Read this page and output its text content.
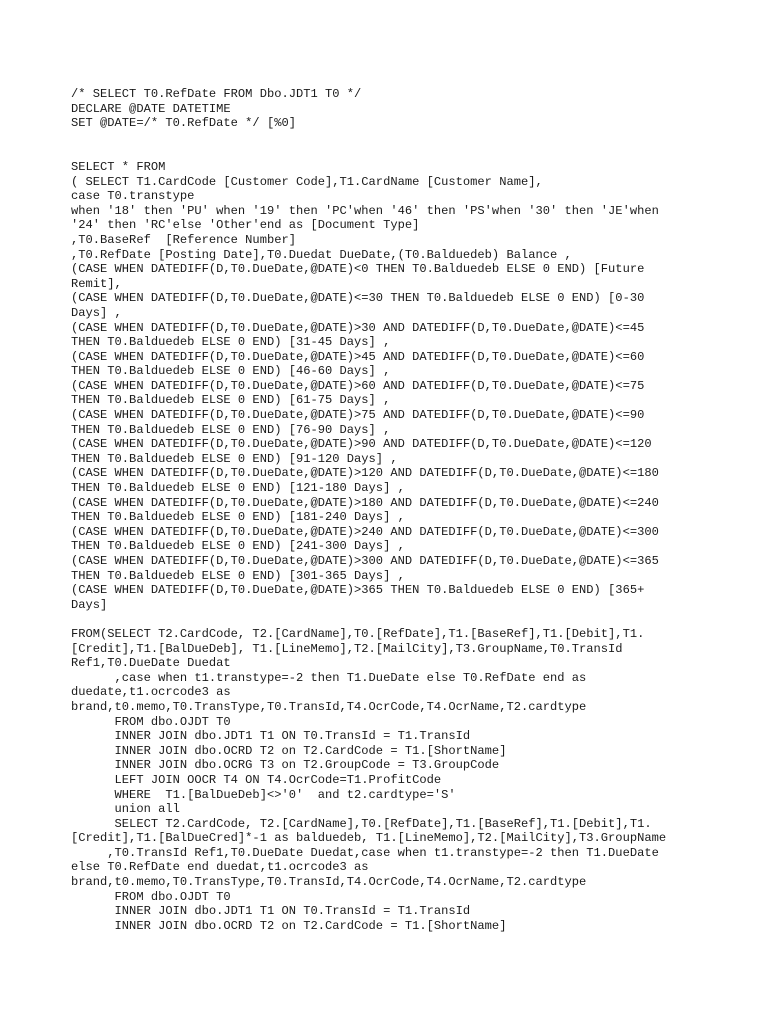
/* SELECT T0.RefDate FROM Dbo.JDT1 T0 */
DECLARE @DATE DATETIME
SET @DATE=/* T0.RefDate */ [%0]
SELECT * FROM
( SELECT T1.CardCode [Customer Code],T1.CardName [Customer Name],
case T0.transtype
when '18' then 'PU' when '19' then 'PC'when '46' then 'PS'when '30' then 'JE'when
'24' then 'RC'else 'Other'end as [Document Type]
,T0.BaseRef  [Reference Number]
,T0.RefDate [Posting Date],T0.Duedat DueDate,(T0.Balduedeb) Balance ,
(CASE WHEN DATEDIFF(D,T0.DueDate,@DATE)<0 THEN T0.Balduedeb ELSE 0 END) [Future
Remit],
(CASE WHEN DATEDIFF(D,T0.DueDate,@DATE)<=30 THEN T0.Balduedeb ELSE 0 END) [0-30
Days] ,
(CASE WHEN DATEDIFF(D,T0.DueDate,@DATE)>30 AND DATEDIFF(D,T0.DueDate,@DATE)<=45
THEN T0.Balduedeb ELSE 0 END) [31-45 Days] ,
(CASE WHEN DATEDIFF(D,T0.DueDate,@DATE)>45 AND DATEDIFF(D,T0.DueDate,@DATE)<=60
THEN T0.Balduedeb ELSE 0 END) [46-60 Days] ,
(CASE WHEN DATEDIFF(D,T0.DueDate,@DATE)>60 AND DATEDIFF(D,T0.DueDate,@DATE)<=75
THEN T0.Balduedeb ELSE 0 END) [61-75 Days] ,
(CASE WHEN DATEDIFF(D,T0.DueDate,@DATE)>75 AND DATEDIFF(D,T0.DueDate,@DATE)<=90
THEN T0.Balduedeb ELSE 0 END) [76-90 Days] ,
(CASE WHEN DATEDIFF(D,T0.DueDate,@DATE)>90 AND DATEDIFF(D,T0.DueDate,@DATE)<=120
THEN T0.Balduedeb ELSE 0 END) [91-120 Days] ,
(CASE WHEN DATEDIFF(D,T0.DueDate,@DATE)>120 AND DATEDIFF(D,T0.DueDate,@DATE)<=180
THEN T0.Balduedeb ELSE 0 END) [121-180 Days] ,
(CASE WHEN DATEDIFF(D,T0.DueDate,@DATE)>180 AND DATEDIFF(D,T0.DueDate,@DATE)<=240
THEN T0.Balduedeb ELSE 0 END) [181-240 Days] ,
(CASE WHEN DATEDIFF(D,T0.DueDate,@DATE)>240 AND DATEDIFF(D,T0.DueDate,@DATE)<=300
THEN T0.Balduedeb ELSE 0 END) [241-300 Days] ,
(CASE WHEN DATEDIFF(D,T0.DueDate,@DATE)>300 AND DATEDIFF(D,T0.DueDate,@DATE)<=365
THEN T0.Balduedeb ELSE 0 END) [301-365 Days] ,
(CASE WHEN DATEDIFF(D,T0.DueDate,@DATE)>365 THEN T0.Balduedeb ELSE 0 END) [365+
Days]
FROM(SELECT T2.CardCode, T2.[CardName],T0.[RefDate],T1.[BaseRef],T1.[Debit],T1.
[Credit],T1.[BalDueDeb], T1.[LineMemo],T2.[MailCity],T3.GroupName,T0.TransId
Ref1,T0.DueDate Duedat
,case when t1.transtype=-2 then T1.DueDate else T0.RefDate end as
duedate,t1.ocrcode3 as
brand,t0.memo,T0.TransType,T0.TransId,T4.OcrCode,T4.OcrName,T2.cardtype
FROM dbo.OJDT T0
INNER JOIN dbo.JDT1 T1 ON T0.TransId = T1.TransId
INNER JOIN dbo.OCRD T2 on T2.CardCode = T1.[ShortName]
INNER JOIN dbo.OCRG T3 on T2.GroupCode = T3.GroupCode
LEFT JOIN OOCR T4 ON T4.OcrCode=T1.ProfitCode
WHERE  T1.[BalDueDeb]<>'0'  and t2.cardtype='S'
union all
SELECT T2.CardCode, T2.[CardName],T0.[RefDate],T1.[BaseRef],T1.[Debit],T1.
[Credit],T1.[BalDueCred]*-1 as balduedeb, T1.[LineMemo],T2.[MailCity],T3.GroupName
,T0.TransId Ref1,T0.DueDate Duedat,case when t1.transtype=-2 then T1.DueDate
else T0.RefDate end duedat,t1.ocrcode3 as
brand,t0.memo,T0.TransType,T0.TransId,T4.OcrCode,T4.OcrName,T2.cardtype
FROM dbo.OJDT T0
INNER JOIN dbo.JDT1 T1 ON T0.TransId = T1.TransId
INNER JOIN dbo.OCRD T2 on T2.CardCode = T1.[ShortName]
